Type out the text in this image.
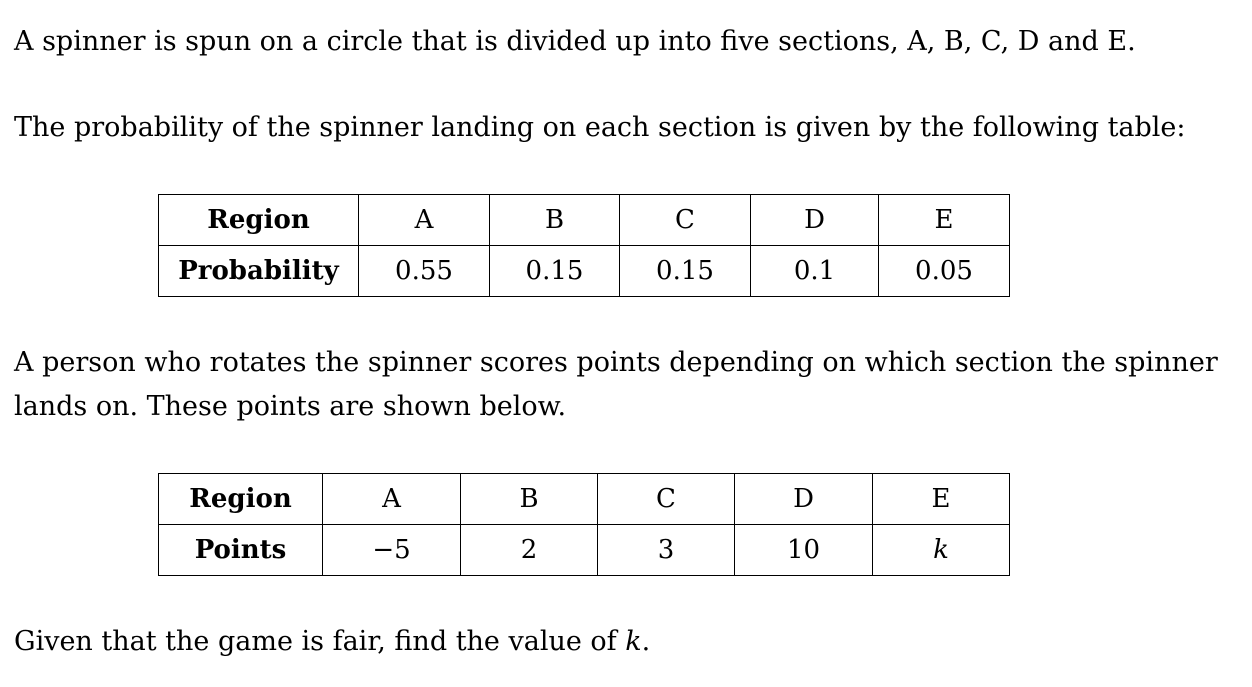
A spinner is spun on a circle that is divided up into five sections, A, B, C, D and E.

The probability of the spinner landing on each section is given by the following table:

Region	A	B	C	D	E
Probability	0.55	0.15	0.15	0.1	0.05

A person who rotates the spinner scores points depending on which section the spinner
lands on. These points are shown below.

Region	A	B	C	D	E
Points	−5	2	3	10	k

Given that the game is fair, find the value of k.
